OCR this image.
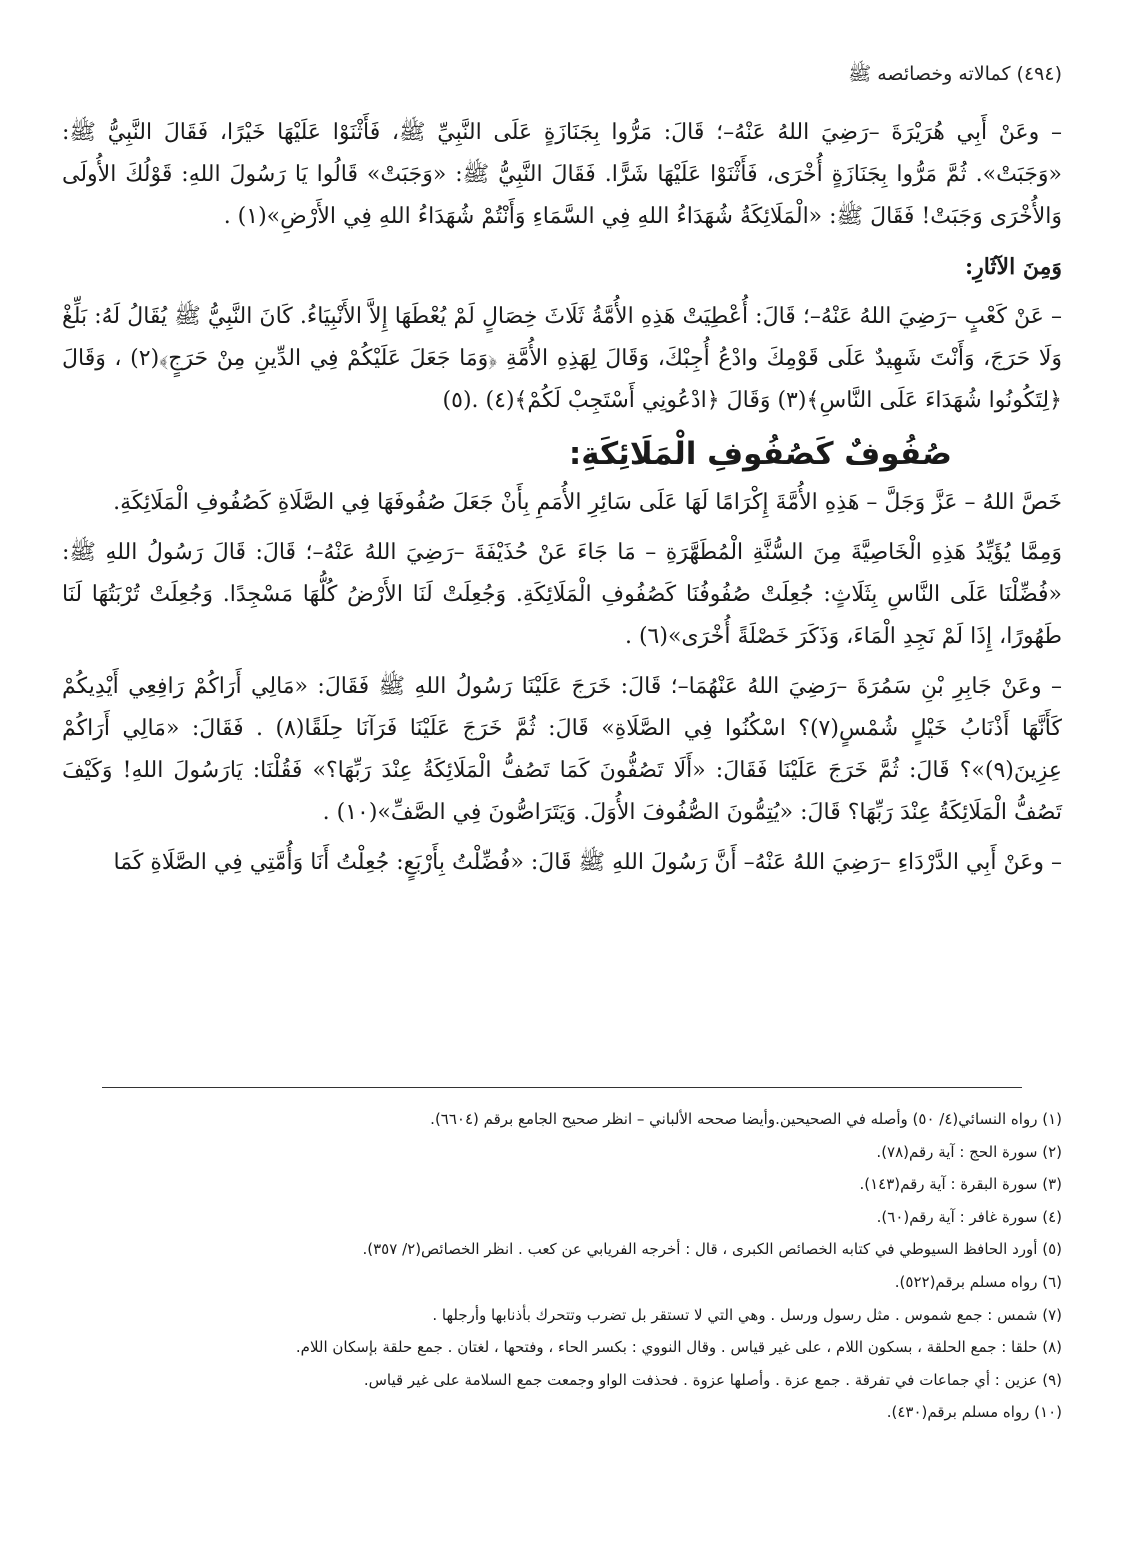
(٤٩٤) كمالاته وخصائصه ﷺ

– وعَنْ أَبِي هُرَيْرَةَ –رَضِيَ اللهُ عَنْهُ–؛ قَالَ: مَرُّوا بِجَنَازَةٍ عَلَى النَّبِيِّ ﷺ، فَأَثْنَوْا عَلَيْهَا خَيْرًا، فَقَالَ النَّبِيُّ ﷺ: «وَجَبَتْ». ثُمَّ مَرُّوا بِجَنَازَةٍ أُخْرَى، فَأَثْنَوْا عَلَيْهَا شَرًّا. فَقَالَ النَّبِيُّ ﷺ: «وَجَبَتْ» قَالُوا يَا رَسُولَ اللهِ: قَوْلُكَ الأُولَى وَالأُخْرَى وَجَبَتْ! فَقَالَ ﷺ: «الْمَلَائِكَةُ شُهَدَاءُ اللهِ فِي السَّمَاءِ وَأَنْتُمْ شُهَدَاءُ اللهِ فِي الأَرْضِ»(١) .

وَمِنَ الآثَارِ:

– عَنْ كَعْبٍ –رَضِيَ اللهُ عَنْهُ–؛ قَالَ: أُعْطِيَتْ هَذِهِ الأُمَّةُ ثَلَاثَ خِصَالٍ لَمْ يُعْطَهَا إِلاَّ الأَنْبِيَاءُ. كَانَ النَّبِيُّ ﷺ يُقَالُ لَهُ: بَلِّغْ وَلَا حَرَجَ، وَأَنْتَ شَهِيدٌ عَلَى قَوْمِكَ وادْعُ أُجِبْكَ، وَقَالَ لِهَذِهِ الأُمَّةِ ﴿وَمَا جَعَلَ عَلَيْكُمْ فِي الدِّينِ مِنْ حَرَجٍ﴾(٢) ، وَقَالَ ﴿لِتَكُونُوا شُهَدَاءَ عَلَى النَّاسِ﴾(٣) وَقَالَ ﴿ادْعُونِي أَسْتَجِبْ لَكُمْ﴾(٤) .(٥)

صُفُوفٌ كَصُفُوفِ الْمَلَائِكَةِ:

خَصَّ اللهُ – عَزَّ وَجَلَّ – هَذِهِ الأُمَّةَ إِكْرَامًا لَهَا عَلَى سَائِرِ الأُمَمِ بِأَنْ جَعَلَ صُفُوفَهَا فِي الصَّلَاةِ كَصُفُوفِ الْمَلَائِكَةِ.

وَمِمَّا يُؤَيِّدُ هَذِهِ الْخَاصِيَّةَ مِنَ السُّنَّةِ الْمُطَهَّرَةِ – مَا جَاءَ عَنْ حُذَيْفَةَ –رَضِيَ اللهُ عَنْهُ–؛ قَالَ: قَالَ رَسُولُ اللهِ ﷺ: «فُضِّلْنَا عَلَى النَّاسِ بِثَلَاثٍ: جُعِلَتْ صُفُوفُنَا كَصُفُوفِ الْمَلَائِكَةِ. وَجُعِلَتْ لَنَا الأَرْضُ كُلُّهَا مَسْجِدًا. وَجُعِلَتْ تُرْبَتُهَا لَنَا طَهُورًا، إِذَا لَمْ نَجِدِ الْمَاءَ، وَذَكَرَ خَصْلَةً أُخْرَى»(٦) .

– وعَنْ جَابِرِ بْنِ سَمُرَةَ –رَضِيَ اللهُ عَنْهُمَا–؛ قَالَ: خَرَجَ عَلَيْنَا رَسُولُ اللهِ ﷺ فَقَالَ: «مَالِي أَرَاكُمْ رَافِعِي أَيْدِيكُمْ كَأَنَّهَا أَذْنَابُ خَيْلٍ شُمْسٍ(٧)؟ اسْكُنُوا فِي الصَّلَاةِ» قَالَ: ثُمَّ خَرَجَ عَلَيْنَا فَرَآنَا حِلَقًا(٨) . فَقَالَ: «مَالِي أَرَاكُمْ عِزِينَ(٩)»؟ قَالَ: ثُمَّ خَرَجَ عَلَيْنَا فَقَالَ: «أَلَا تَصُفُّونَ كَمَا تَصُفُّ الْمَلَائِكَةُ عِنْدَ رَبِّهَا؟» فَقُلْنَا: يَارَسُولَ اللهِ! وَكَيْفَ تَصُفُّ الْمَلَائِكَةُ عِنْدَ رَبِّهَا؟ قَالَ: «يُتِمُّونَ الصُّفُوفَ الأُوَلَ. وَيَتَرَاصُّونَ فِي الصَّفِّ»(١٠) .

– وعَنْ أَبِي الدَّرْدَاءِ –رَضِيَ اللهُ عَنْهُ– أَنَّ رَسُولَ اللهِ ﷺ قَالَ: «فُضِّلْتُ بِأَرْبَعٍ: جُعِلْتُ أَنَا وَأُمَّتِي فِي الصَّلَاةِ كَمَا

(١) رواه النسائي(٤/ ٥٠) وأصله في الصحيحين.وأيضا صححه الألباني – انظر صحيح الجامع برقم (٦٦٠٤).

(٢) سورة الحج : آية رقم(٧٨).

(٣) سورة البقرة : آية رقم(١٤٣).

(٤) سورة غافر : آية رقم(٦٠).

(٥) أورد الحافظ السيوطي في كتابه الخصائص الكبرى ، قال : أخرجه الفريابي عن كعب . انظر الخصائص(٢/ ٣٥٧).

(٦) رواه مسلم برقم(٥٢٢).

(٧) شمس : جمع شموس . مثل رسول ورسل . وهي التي لا تستقر بل تضرب وتتحرك بأذنابها وأرجلها .

(٨) حلقا : جمع الحلقة ، بسكون اللام ، على غير قياس . وقال النووي : بكسر الحاء ، وفتحها ، لغتان . جمع حلقة بإسكان اللام.

(٩) عزين : أي جماعات في تفرقة . جمع عزة . وأصلها عزوة . فحذفت الواو وجمعت جمع السلامة على غير قياس.

(١٠) رواه مسلم برقم(٤٣٠).
